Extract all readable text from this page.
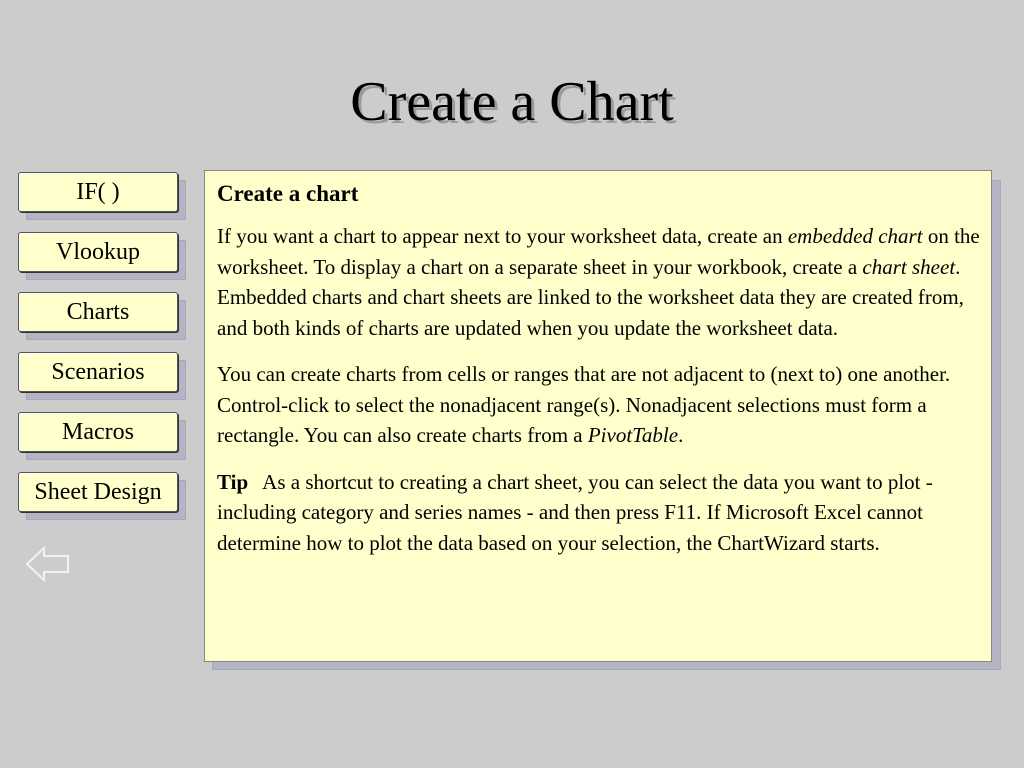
Create a Chart
IF( )
Vlookup
Charts
Scenarios
Macros
Sheet Design
Create a chart

If you want a chart to appear next to your worksheet data, create an embedded chart on the worksheet. To display a chart on a separate sheet in your workbook, create a chart sheet. Embedded charts and chart sheets are linked to the worksheet data they are created from, and both kinds of charts are updated when you update the worksheet data.

You can create charts from cells or ranges that are not adjacent to (next to) one another. Control-click to select the nonadjacent range(s). Nonadjacent selections must form a rectangle. You can also create charts from a PivotTable.

Tip As a shortcut to creating a chart sheet, you can select the data you want to plot - including category and series names - and then press F11. If Microsoft Excel cannot determine how to plot the data based on your selection, the ChartWizard starts.
